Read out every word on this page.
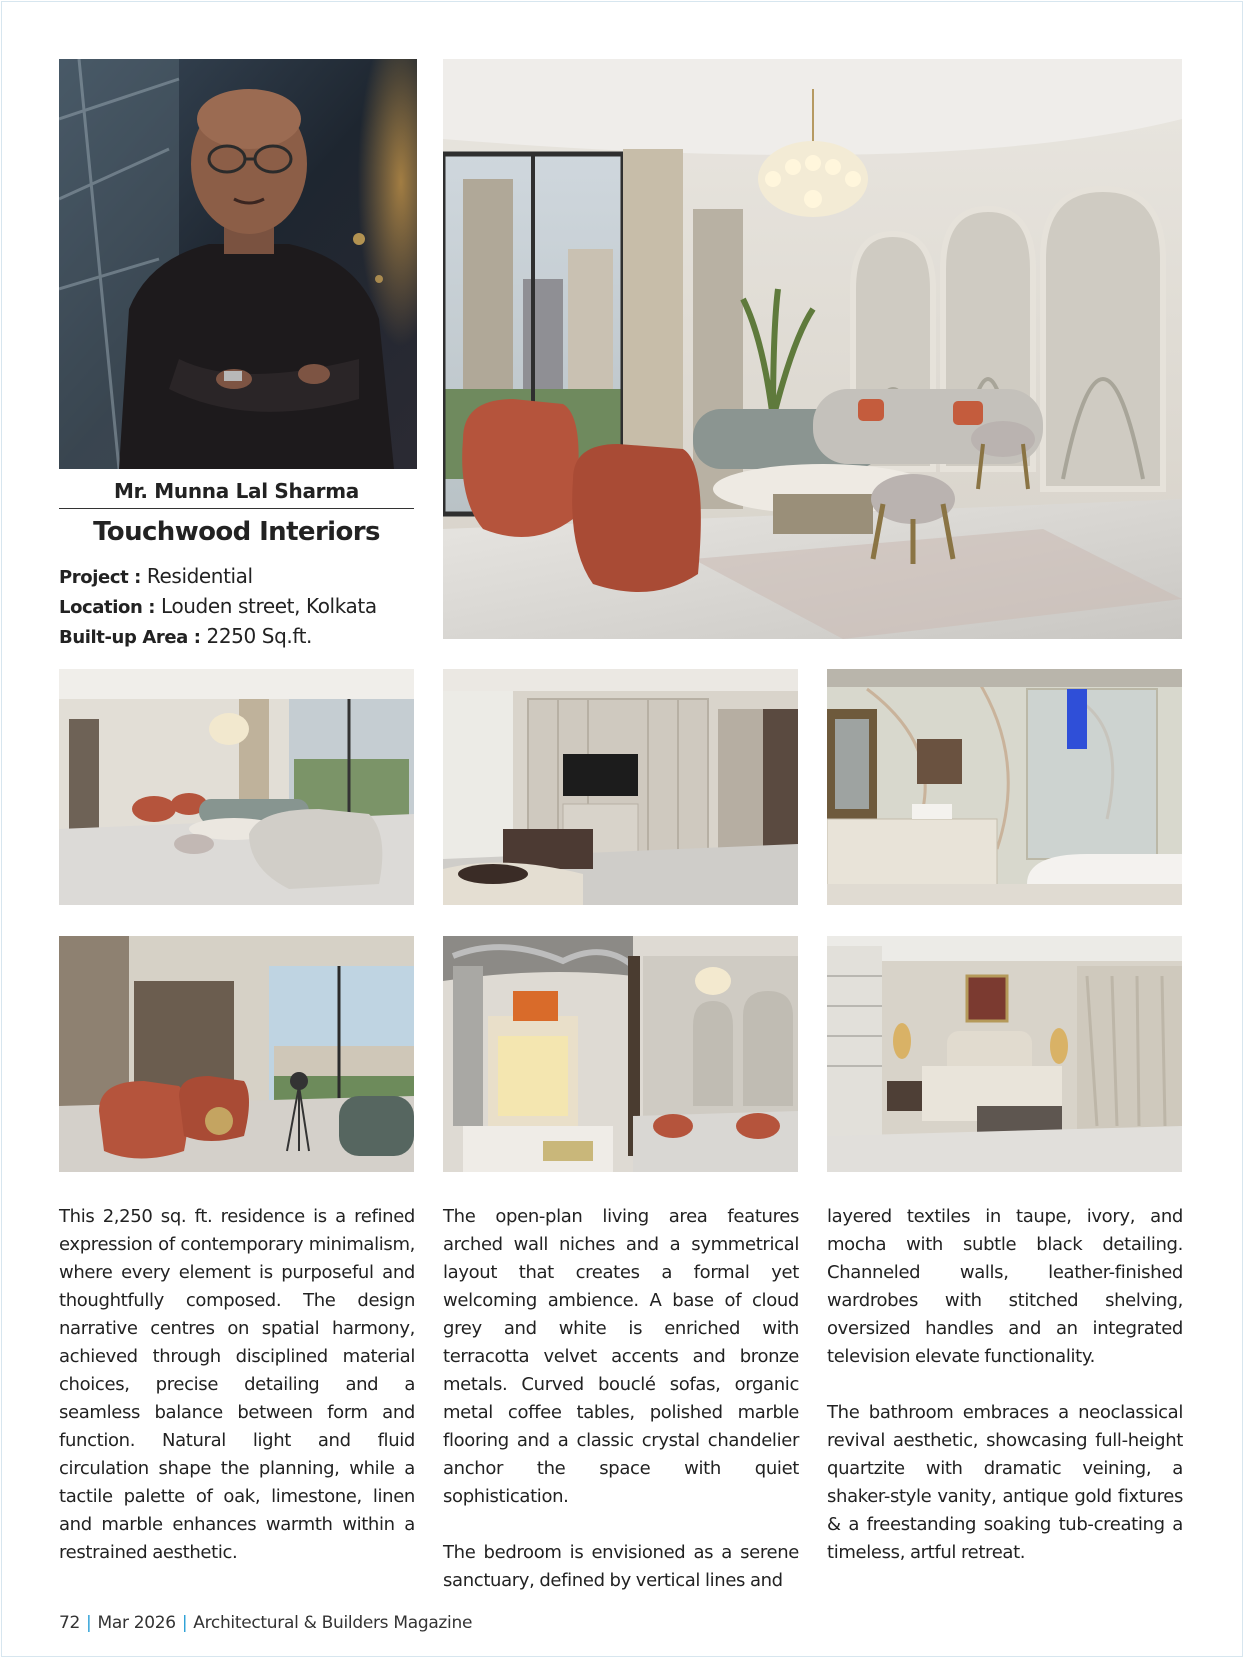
Mr. Munna Lal Sharma
Touchwood Interiors
Project : Residential
Location : Louden street, Kolkata
Built-up Area : 2250 Sq.ft.

This 2,250 sq. ft. residence is a refined expression of contemporary minimalism, where every element is purposeful and thoughtfully composed. The design narrative centres on spatial harmony, achieved through disciplined material choices, precise detailing and a seamless balance between form and function. Natural light and fluid circulation shape the planning, while a tactile palette of oak, limestone, linen and marble enhances warmth within a restrained aesthetic.

The open-plan living area features arched wall niches and a symmetrical layout that creates a formal yet welcoming ambience. A base of cloud grey and white is enriched with terracotta velvet accents and bronze metals. Curved bouclé sofas, organic metal coffee tables, polished marble flooring and a classic crystal chandelier anchor the space with quiet sophistication.

The bedroom is envisioned as a serene sanctuary, defined by vertical lines and

layered textiles in taupe, ivory, and mocha with subtle black detailing. Channeled walls, leather-finished wardrobes with stitched shelving, oversized handles and an integrated television elevate functionality.

The bathroom embraces a neoclassical revival aesthetic, showcasing full-height quartzite with dramatic veining, a shaker-style vanity, antique gold fixtures & a freestanding soaking tub-creating a timeless, artful retreat.

72 | Mar 2026 | Architectural & Builders Magazine
